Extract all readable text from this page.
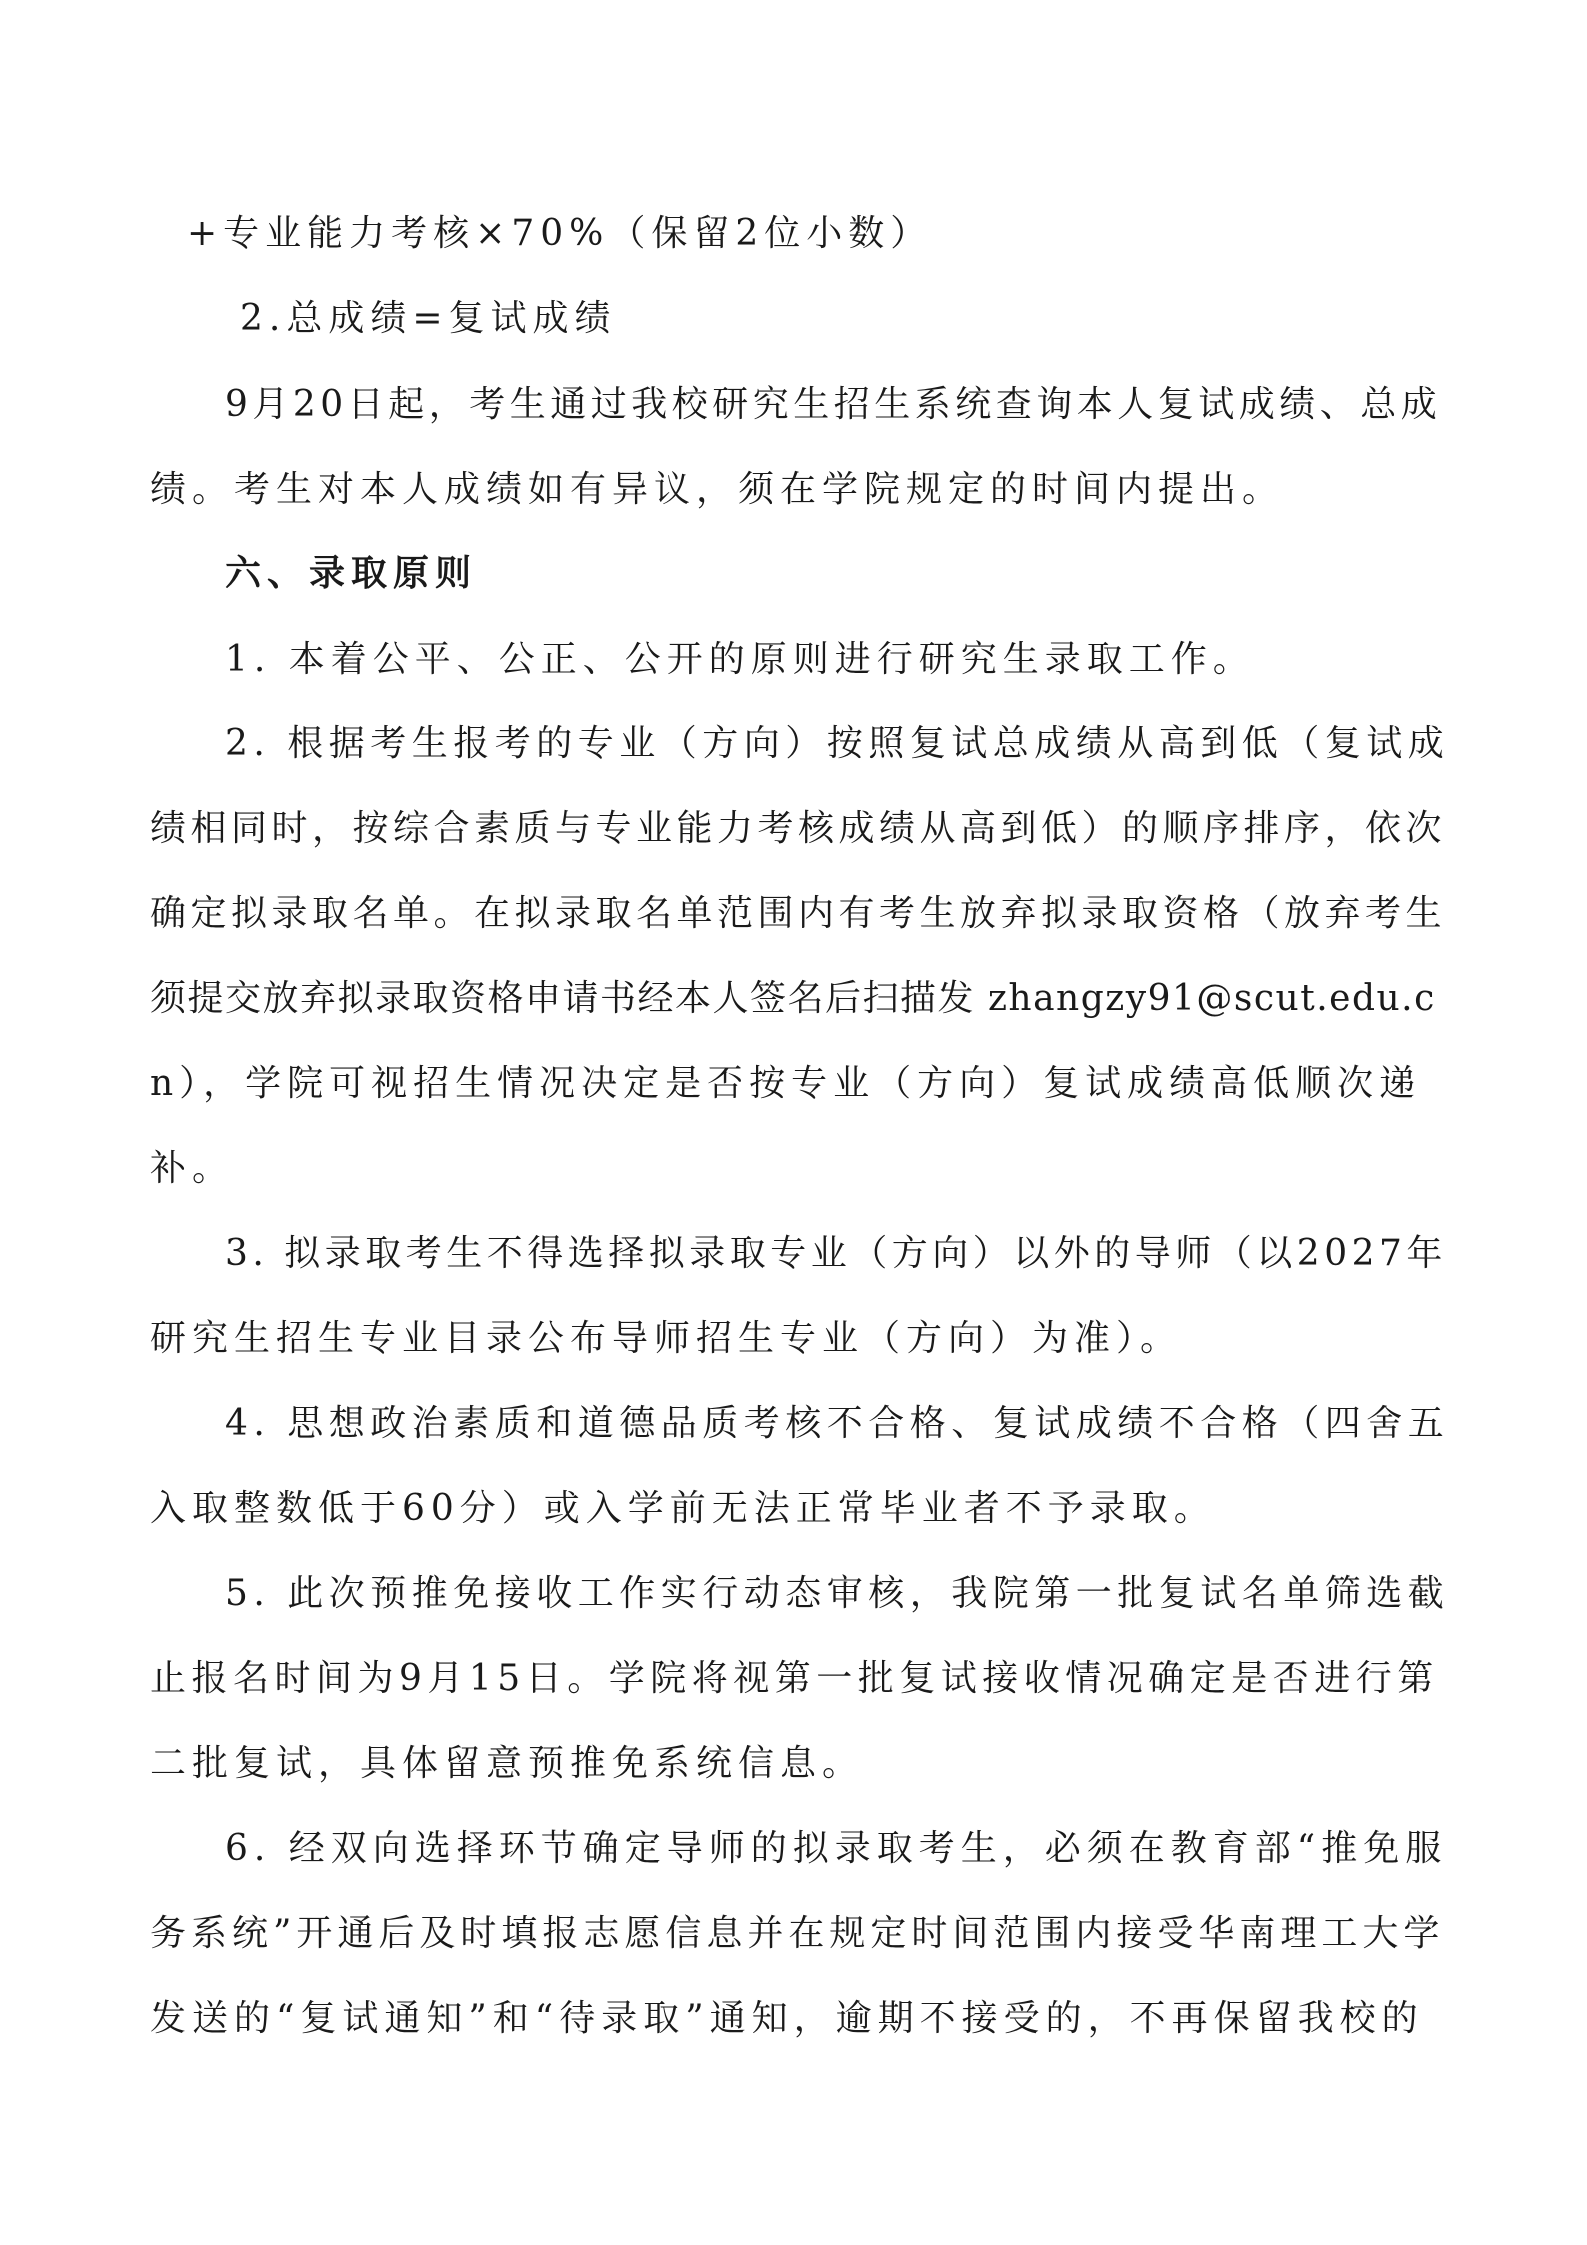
+专业能力考核×70%（保留2位小数）
2.总成绩=复试成绩
9月20日起，考生通过我校研究生招生系统查询本人复试成绩、总成
绩。考生对本人成绩如有异议，须在学院规定的时间内提出。
六、录取原则
1. 本着公平、公正、公开的原则进行研究生录取工作。
2. 根据考生报考的专业（方向）按照复试总成绩从高到低（复试成
绩相同时，按综合素质与专业能力考核成绩从高到低）的顺序排序，依次
确定拟录取名单。在拟录取名单范围内有考生放弃拟录取资格（放弃考生
须提交放弃拟录取资格申请书经本人签名后扫描发 zhangzy91@scut.edu.c
n），学院可视招生情况决定是否按专业（方向）复试成绩高低顺次递
补。
3. 拟录取考生不得选择拟录取专业（方向）以外的导师（以2027年
研究生招生专业目录公布导师招生专业（方向）为准）。
4. 思想政治素质和道德品质考核不合格、复试成绩不合格（四舍五
入取整数低于60分）或入学前无法正常毕业者不予录取。
5. 此次预推免接收工作实行动态审核，我院第一批复试名单筛选截
止报名时间为9月15日。学院将视第一批复试接收情况确定是否进行第
二批复试，具体留意预推免系统信息。
6. 经双向选择环节确定导师的拟录取考生，必须在教育部“推免服
务系统”开通后及时填报志愿信息并在规定时间范围内接受华南理工大学
发送的“复试通知”和“待录取”通知，逾期不接受的，不再保留我校的
